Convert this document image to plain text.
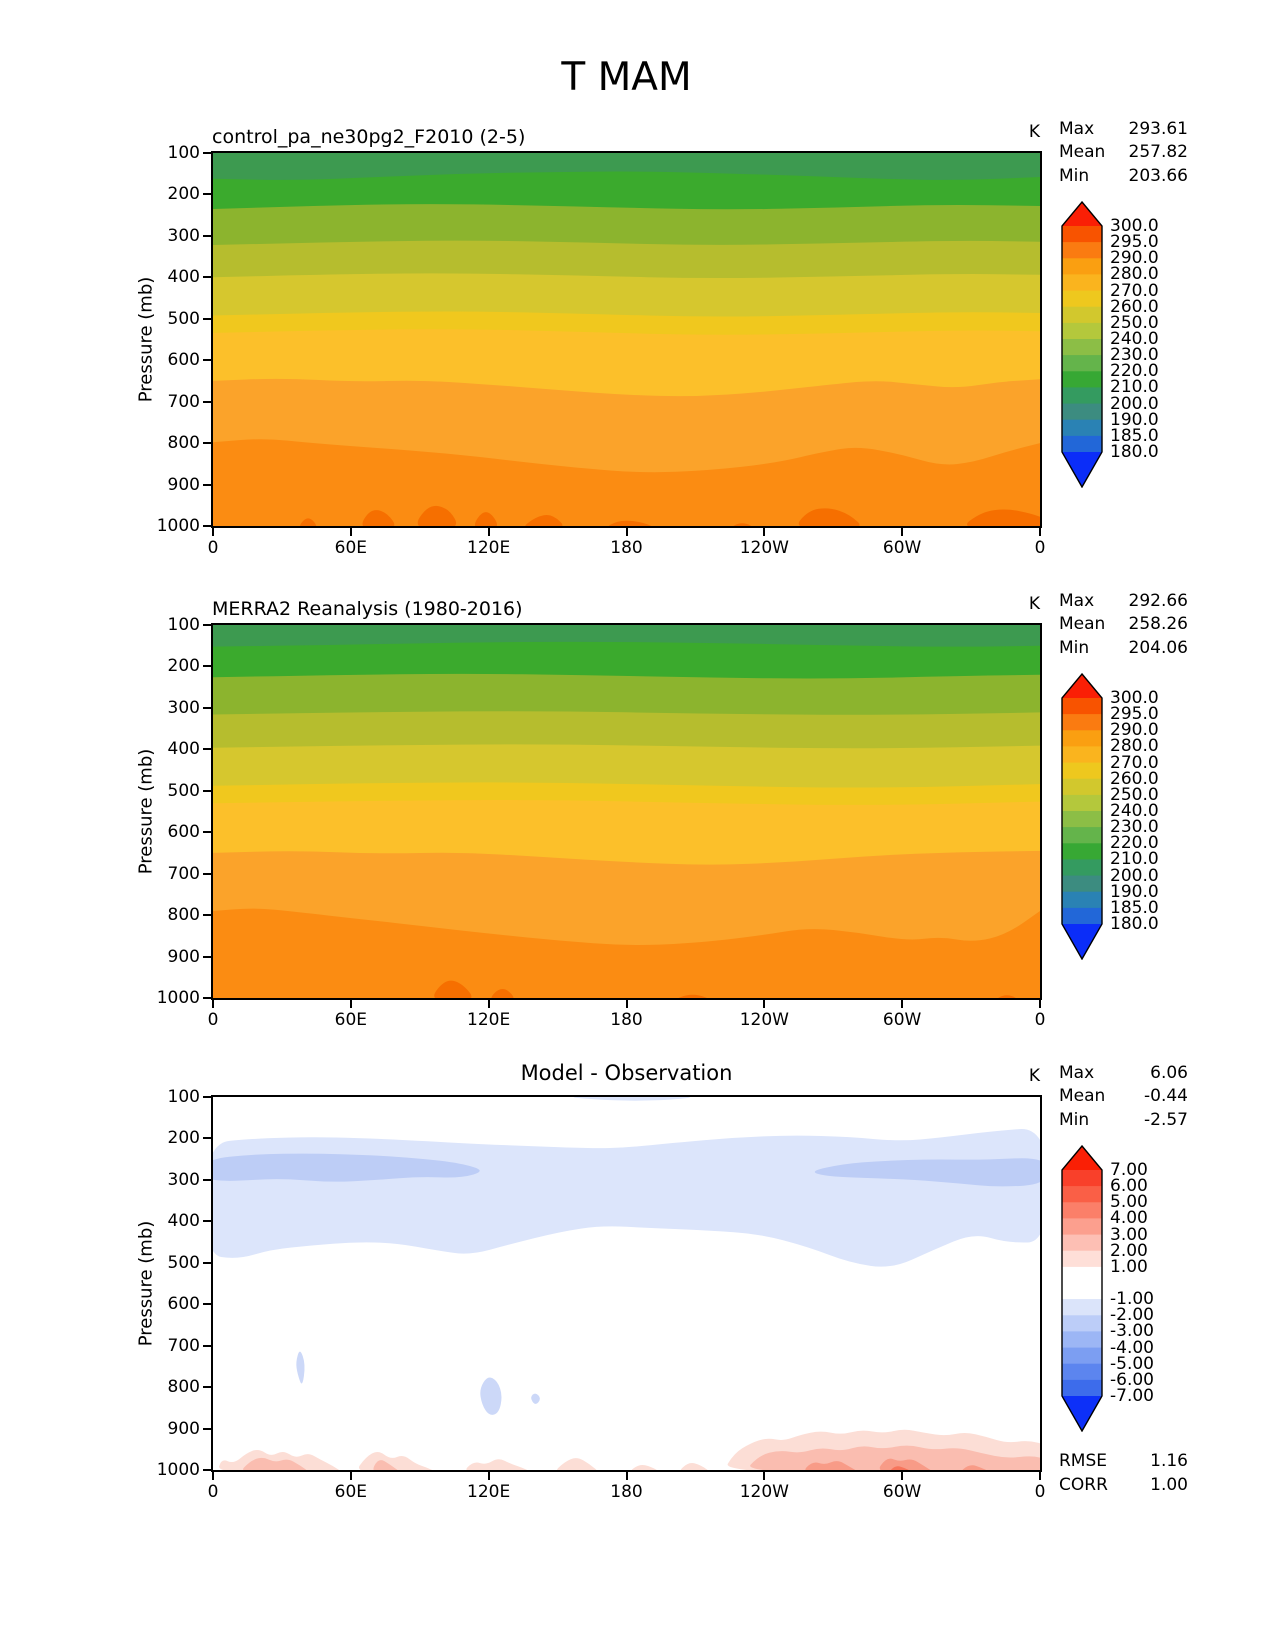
T MAM
control_pa_ne30pg2_F2010 (2-5)	K Max 293.61
Mean 257.82
Min 203.66
Pressure (mb)
100
200
300
400
500
600
700
800
900
1000
0	60E	120E	180	120W	60W	0
300.0
295.0
290.0
280.0
270.0
260.0
250.0
240.0
230.0
220.0
210.0
200.0
190.0
185.0
180.0
MERRA2 Reanalysis (1980-2016)	K Max 292.66
Mean 258.26
Min 204.06
Pressure (mb)
100
200
300
400
500
600
700
800
900
1000
0	60E	120E	180	120W	60W	0
300.0
295.0
290.0
280.0
270.0
260.0
250.0
240.0
230.0
220.0
210.0
200.0
190.0
185.0
180.0
Model - Observation	K Max	6.06
Mean -0.44
Min	-2.57
Pressure (mb)
100
200
300
400
500
600
700
800
900
1000
0	60E	120E	180	120W	60W	0
7.00
6.00
5.00
4.00
3.00
2.00
1.00
-1.00
-2.00
-3.00
-4.00
-5.00
-6.00
-7.00
RMSE	1.16
CORR 1.00
